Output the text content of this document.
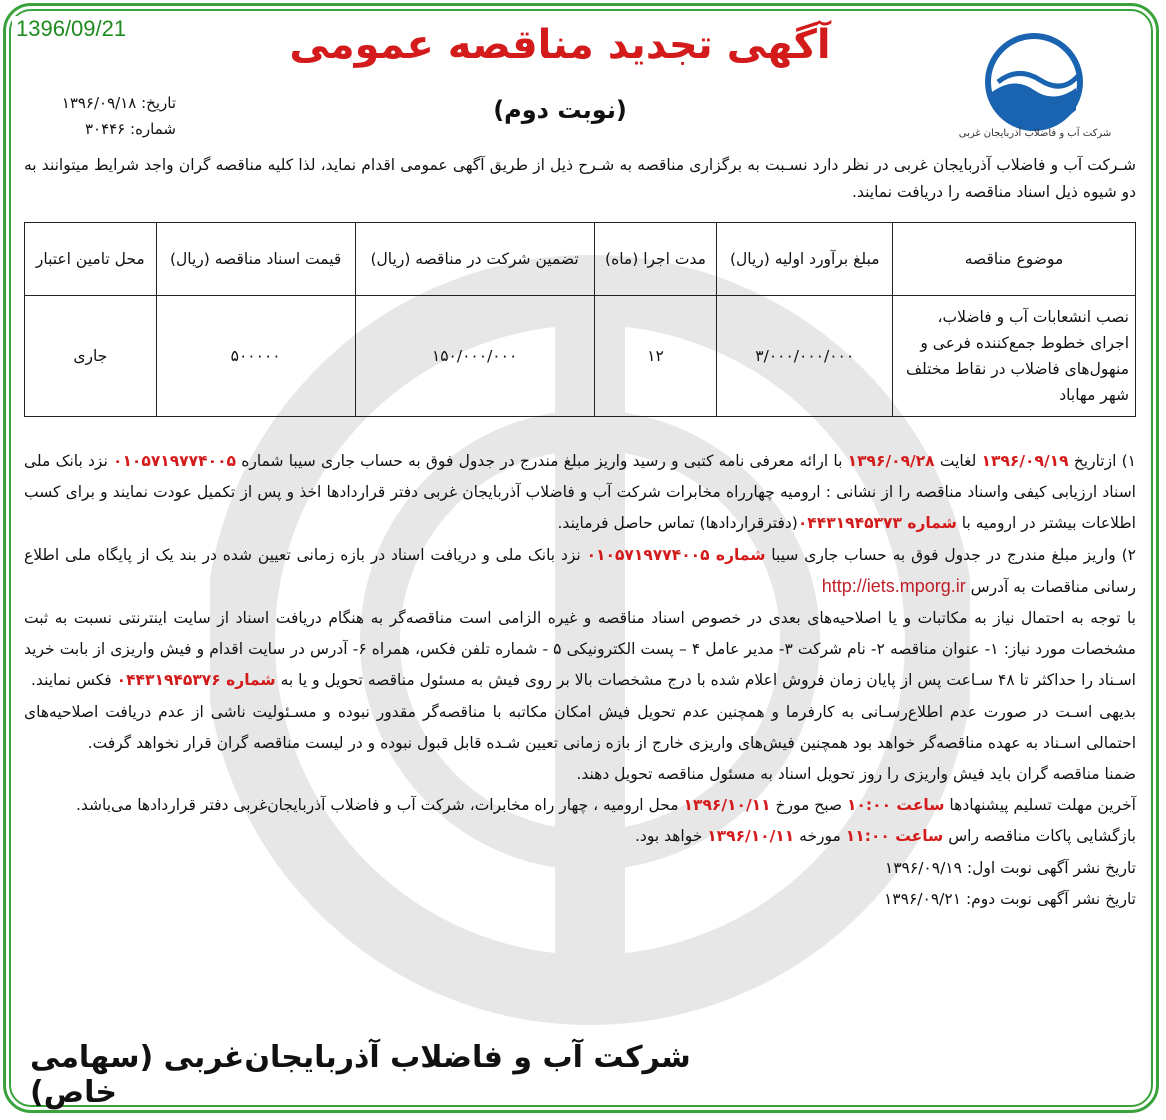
1396/09/21	آگهی تجدید مناقصه عمومی
(نوبت دوم)
شرکت آب و فاضلاب آذربایجان غربی
تاریخ: ۱۳۹۶/۰۹/۱۸
شماره: ۳۰۴۴۶
شـرکت آب و فاضلاب آذربایجان غربی در نظر دارد نسـبت به برگزاری مناقصه به شـرح ذیل از طریق آگهی عمومی اقدام نماید، لذا کلیه مناقصه گران واجد شرایط میتوانند به دو شیوه ذیل اسناد مناقصه را دریافت نمایند.
موضوع مناقصه	مبلغ برآورد اولیه (ریال)	مدت اجرا (ماه)	تضمین شرکت در مناقصه (ریال)	قیمت اسناد مناقصه (ریال)	محل تامین اعتبار
نصب انشعابات آب و فاضلاب، اجرای خطوط جمع‌کننده فرعی و منهول‌های فاضلاب در نقاط مختلف شهر مهاباد	۳/۰۰۰/۰۰۰/۰۰۰	۱۲	۱۵۰/۰۰۰/۰۰۰	۵۰۰۰۰۰	جاری

۱) ازتاریخ ۱۳۹۶/۰۹/۱۹ لغایت ۱۳۹۶/۰۹/۲۸ با ارائه معرفی نامه کتبی و رسید واریز مبلغ مندرج در جدول فوق به حساب جاری سیبا شماره ۰۱۰۵۷۱۹۷۷۴۰۰۵ نزد بانک ملی اسناد ارزیابی کیفی واسناد مناقصه را از نشانی : ارومیه چهارراه مخابرات شرکت آب و فاضلاب آذربایجان غربی دفتر قراردادها اخذ و پس از تکمیل عودت نمایند و برای کسب اطلاعات بیشتر در ارومیه با شماره ۰۴۴۳۱۹۴۵۳۷۳(دفترقراردادها) تماس حاصل فرمایند.

۲) واریز مبلغ مندرج در جدول فوق به حساب جاری سیبا شماره ۰۱۰۵۷۱۹۷۷۴۰۰۵ نزد بانک ملی و دریافت اسناد در بازه زمانی تعیین شده در بند یک از پایگاه ملی اطلاع رسانی مناقصات به آدرس http://iets.mporg.ir

با توجه به احتمال نیاز به مکاتبات و یا اصلاحیه‌های بعدی در خصوص اسناد مناقصه و غیره الزامی است مناقصه‌گر به هنگام دریافت اسناد از سایت اینترنتی نسبت به ثبت مشخصات مورد نیاز: ۱- عنوان مناقصه ۲- نام شرکت ۳- مدیر عامل ۴ – پست الکترونیکی ۵ - شماره تلفن فکس، همراه ۶- آدرس در سایت اقدام و فیش واریزی از بابت خرید اسـناد را حداکثر تا ۴۸ سـاعت پس از پایان زمان فروش اعلام شده با درج مشخصات بالا بر روی فیش به مسئول مناقصه تحویل و یا به شماره ۰۴۴۳۱۹۴۵۳۷۶ فکس نمایند.

بدیهی اسـت در صورت عدم اطلاع‌رسـانی به کارفرما و همچنین عدم تحویل فیش امکان مکاتبه با مناقصه‌گر مقدور نبوده و مسـئولیت ناشی از عدم دریافت اصلاحیه‌های احتمالی اسـناد به عهده مناقصه‌گر خواهد بود همچنین فیش‌های واریزی خارج از بازه زمانی تعیین شـده قابل قبول نبوده و در لیست مناقصه گران قرار نخواهد گرفت.

ضمنا مناقصه گران باید فیش واریزی را روز تحویل اسناد به مسئول مناقصه تحویل دهند.

آخرین مهلت تسلیم پیشنهادها ساعت ۱۰:۰۰ صبح مورخ ۱۳۹۶/۱۰/۱۱ محل ارومیه ، چهار راه مخابرات، شرکت آب و فاضلاب آذربایجان‌غربی دفتر قراردادها می‌باشد.

بازگشایی پاکات مناقصه راس ساعت ۱۱:۰۰ مورخه ۱۳۹۶/۱۰/۱۱ خواهد بود.

تاریخ نشر آگهی نوبت اول: ۱۳۹۶/۰۹/۱۹

تاریخ نشر آگهی نوبت دوم: ۱۳۹۶/۰۹/۲۱

شرکت آب و فاضلاب آذربایجان‌غربی (سهامی خاص)
